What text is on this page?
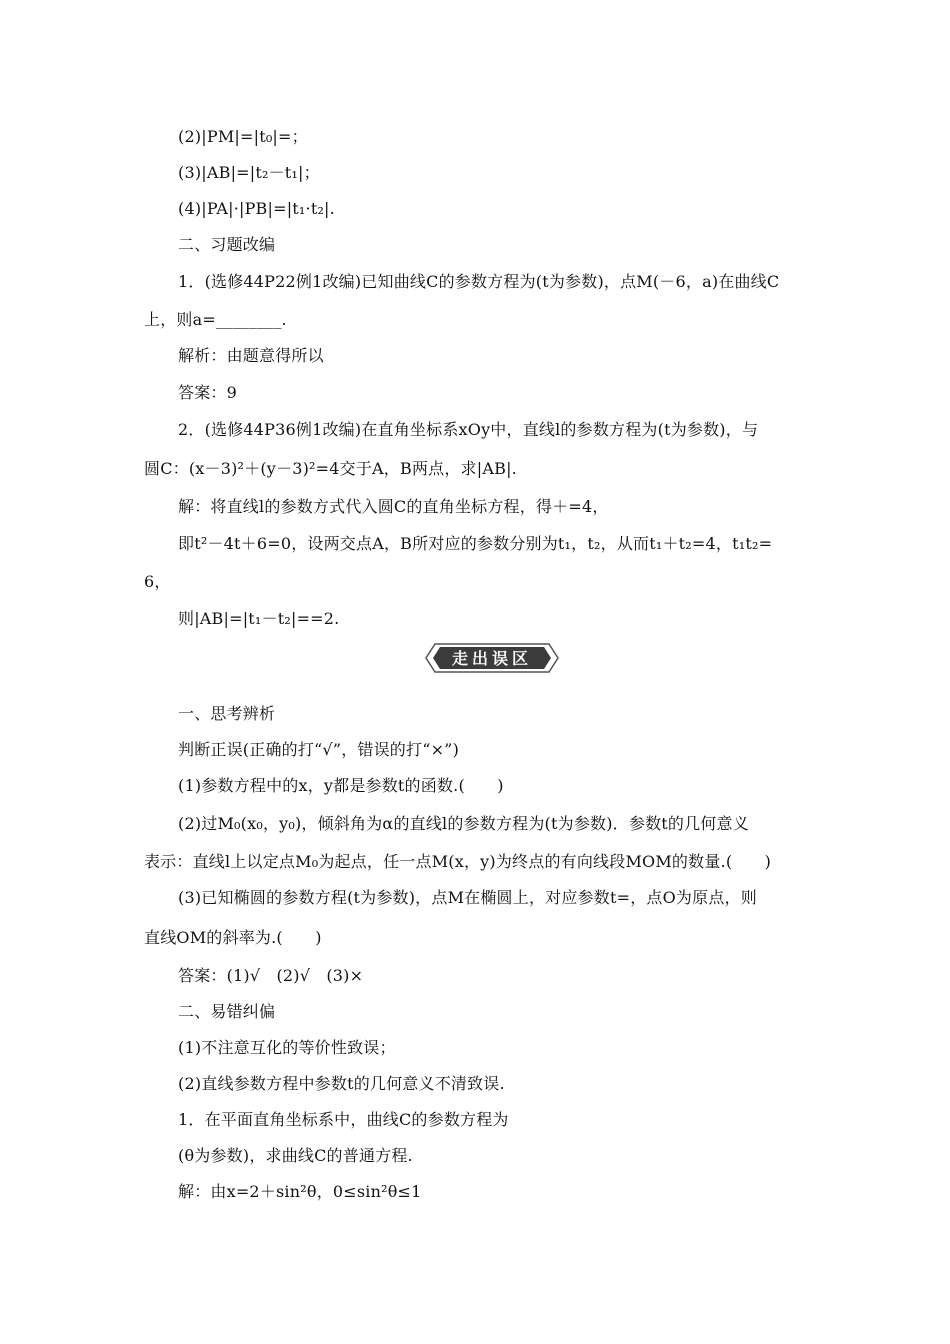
(2)|PM|=|t₀|=；
(3)|AB|=|t₂－t₁|；
(4)|PA|·|PB|=|t₁·t₂|.
二、习题改编
1．(选修44P22例1改编)已知曲线C的参数方程为(t为参数)，点M(－6，a)在曲线C
上，则a=________.
解析：由题意得所以
答案：9
2．(选修44P36例1改编)在直角坐标系xOy中，直线l的参数方程为(t为参数)，与
圆C：(x－3)²＋(y－3)²=4交于A，B两点，求|AB|.
解：将直线l的参数方式代入圆C的直角坐标方程，得＋=4，
即t²－4t＋6=0，设两交点A，B所对应的参数分别为t₁，t₂，从而t₁＋t₂=4，t₁t₂=
6，
则|AB|=|t₁－t₂|==2.
走出误区
一、思考辨析
判断正误(正确的打“√”，错误的打“×”)
(1)参数方程中的x，y都是参数t的函数.(　　)
(2)过M₀(x₀，y₀)，倾斜角为α的直线l的参数方程为(t为参数)．参数t的几何意义
表示：直线l上以定点M₀为起点，任一点M(x，y)为终点的有向线段MOM的数量.(　　)
(3)已知椭圆的参数方程(t为参数)，点M在椭圆上，对应参数t=，点O为原点，则
直线OM的斜率为.(　　)
答案：(1)√　(2)√　(3)×
二、易错纠偏
(1)不注意互化的等价性致误；
(2)直线参数方程中参数t的几何意义不清致误.
1．在平面直角坐标系中，曲线C的参数方程为
(θ为参数)，求曲线C的普通方程.
解：由x=2＋sin²θ，0≤sin²θ≤1
